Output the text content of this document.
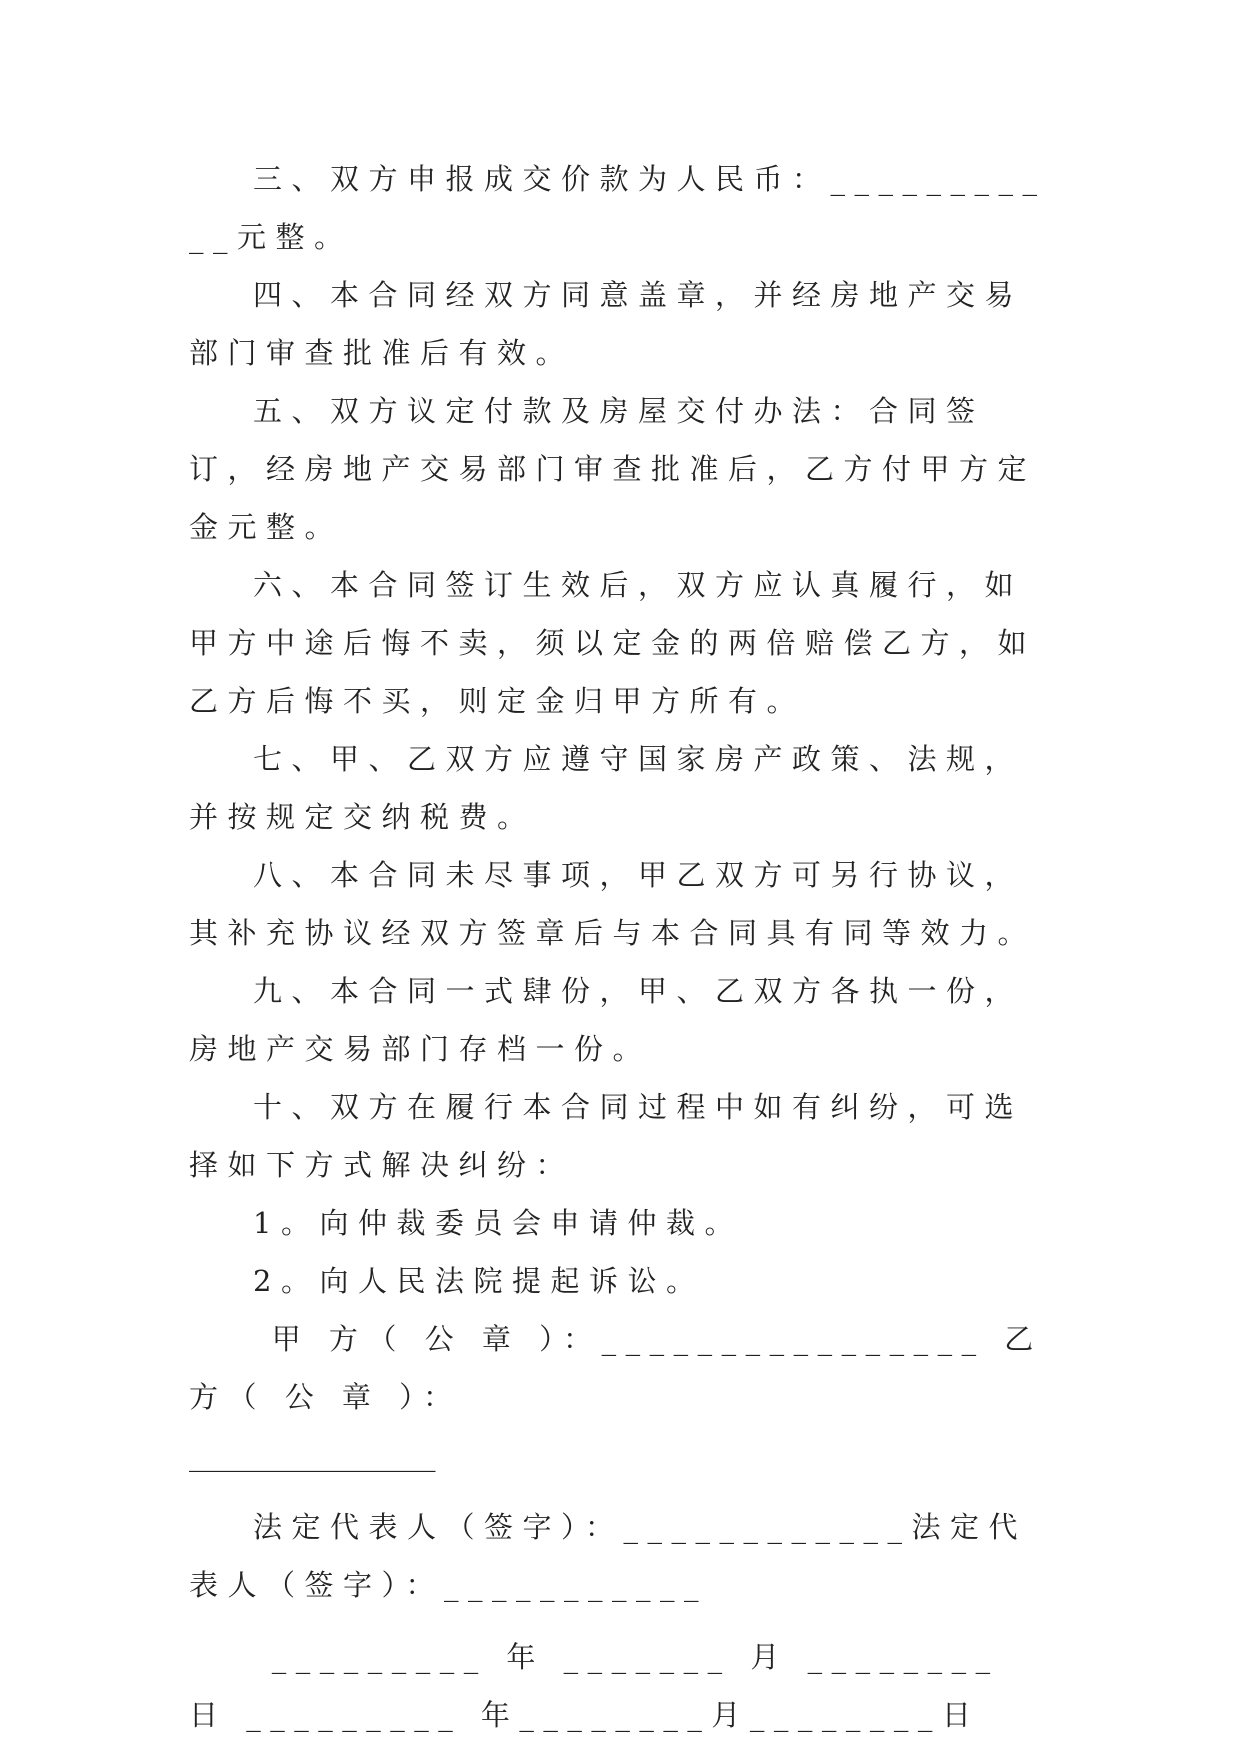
三、双方申报成交价款为人民币：___________元整。

四、本合同经双方同意盖章，并经房地产交易部门审查批准后有效。

五、双方议定付款及房屋交付办法：合同签订，经房地产交易部门审查批准后，乙方付甲方定金元整。

六、本合同签订生效后，双方应认真履行，如甲方中途后悔不卖，须以定金的两倍赔偿乙方，如乙方后悔不买，则定金归甲方所有。

七、甲、乙双方应遵守国家房产政策、法规，并按规定交纳税费。

八、本合同未尽事项，甲乙双方可另行协议，其补充协议经双方签章后与本合同具有同等效力。

九、本合同一式肆份，甲、乙双方各执一份，房地产交易部门存档一份。

十、双方在履行本合同过程中如有纠纷，可选择如下方式解决纠纷：

1。向仲裁委员会申请仲裁。

2。向人民法院提起诉讼。

甲 方（ 公 章 ）：________________ 乙 方（ 公 章 ）：

_________________

法定代表人（签字）：____________法定代表人（签字）：___________

_________ 年 _______ 月 ________ 日 _________ 年________月________日
